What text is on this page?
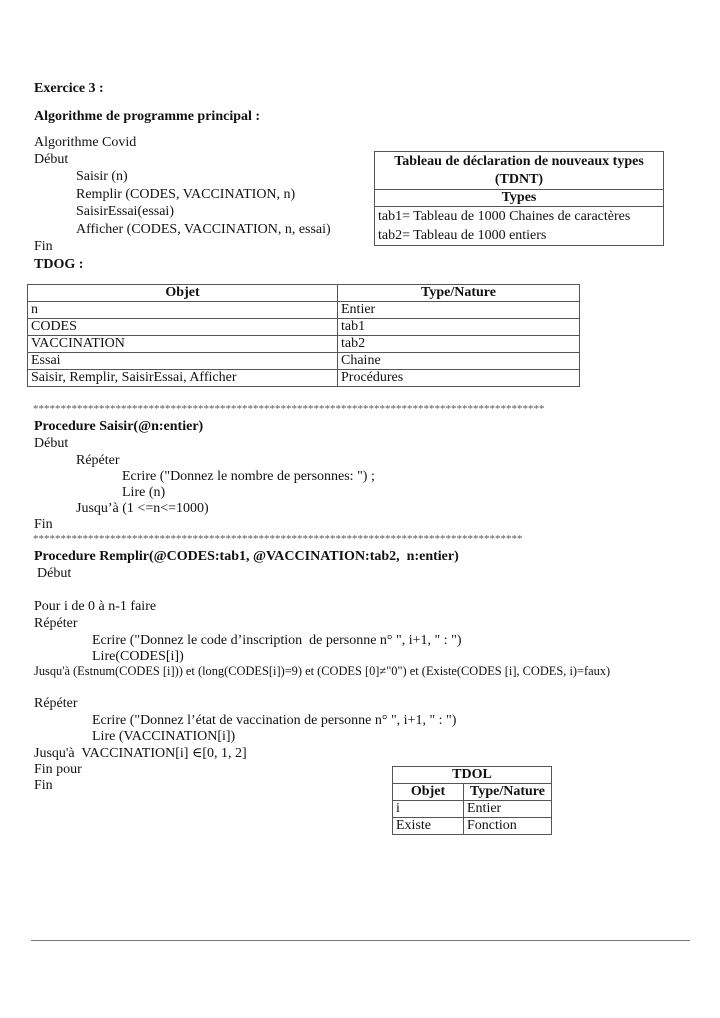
Exercice 3 :
Algorithme de programme principal :
Algorithme Covid
Début
Saisir (n)
Remplir (CODES, VACCINATION, n)
SaisirEssai(essai)
Afficher (CODES, VACCINATION, n, essai)
Fin
Tableau de déclaration de nouveaux types
(TDNT)

Types

tab1= Tableau de 1000 Chaines de caractères
tab2= Tableau de 1000 entiers
TDOG :
Objet	Type/Nature
n	Entier
CODES	tab1
VACCINATION	tab2
Essai	Chaine
Saisir, Remplir, SaisirEssai, Afficher	Procédures
*********************************************************************************************
Procedure Saisir(@n:entier)
Début
Répéter
Ecrire ("Donnez le nombre de personnes: ") ;
Lire (n)
Jusqu’à (1 <=n<=1000)
Fin
*****************************************************************************************
Procedure Remplir(@CODES:tab1, @VACCINATION:tab2,  n:entier)
Début
Pour i de 0 à n-1 faire
Répéter
Ecrire ("Donnez le code d’inscription  de personne n° ", i+1, " : ")
Lire(CODES[i])
Jusqu'à (Estnum(CODES [i])) et (long(CODES[i])=9) et (CODES [0]≠"0") et (Existe(CODES [i], CODES, i)=faux)
Répéter
Ecrire ("Donnez l’état de vaccination de personne n° ", i+1, " : ")
Lire (VACCINATION[i])
Jusqu'à  VACCINATION[i] ∈[0, 1, 2]
Fin pour
Fin
TDOL	
Objet	Type/Nature
i	Entier
Existe	Fonction
